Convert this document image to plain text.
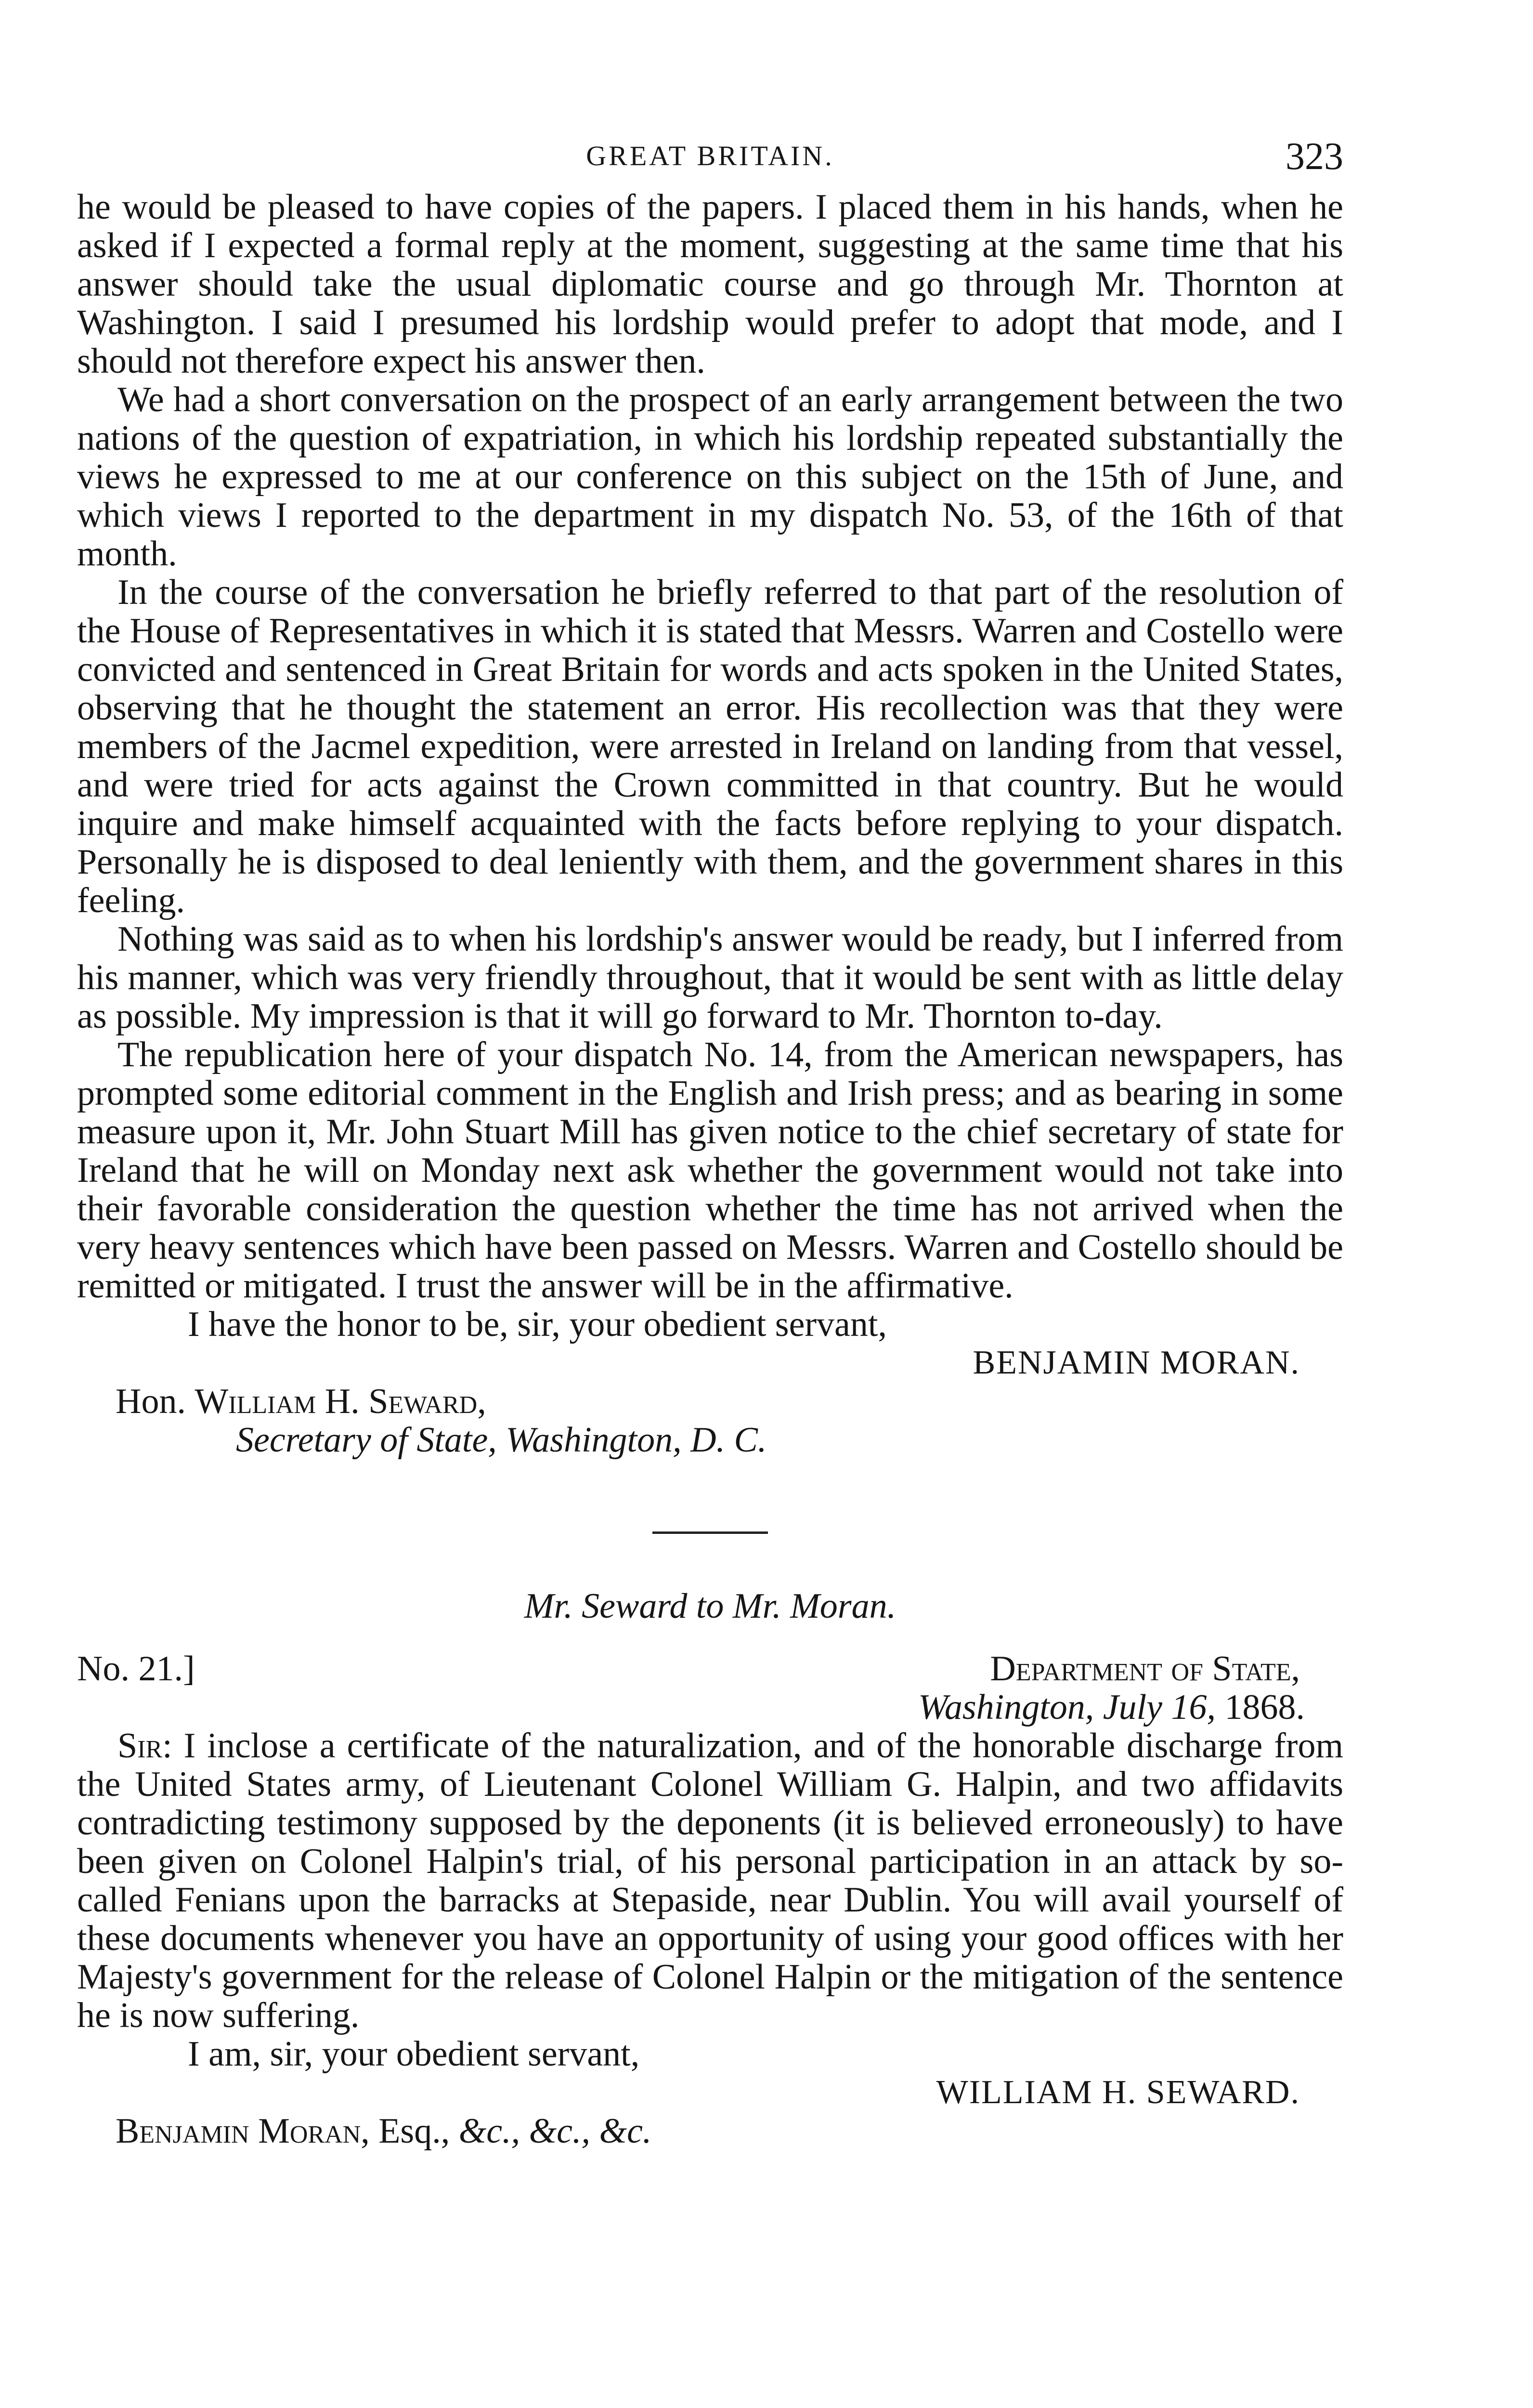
GREAT BRITAIN.	323

he would be pleased to have copies of the papers. I placed them in his hands, when he asked if I expected a formal reply at the moment, suggesting at the same time that his answer should take the usual diplomatic course and go through Mr. Thornton at Washington. I said I presumed his lordship would prefer to adopt that mode, and I should not therefore expect his answer then.

We had a short conversation on the prospect of an early arrangement between the two nations of the question of expatriation, in which his lordship repeated substantially the views he expressed to me at our conference on this subject on the 15th of June, and which views I reported to the department in my dispatch No. 53, of the 16th of that month.

In the course of the conversation he briefly referred to that part of the resolution of the House of Representatives in which it is stated that Messrs. Warren and Costello were convicted and sentenced in Great Britain for words and acts spoken in the United States, observing that he thought the statement an error. His recollection was that they were members of the Jacmel expedition, were arrested in Ireland on landing from that vessel, and were tried for acts against the Crown committed in that country. But he would inquire and make himself acquainted with the facts before replying to your dispatch. Personally he is disposed to deal leniently with them, and the government shares in this feeling.

Nothing was said as to when his lordship's answer would be ready, but I inferred from his manner, which was very friendly throughout, that it would be sent with as little delay as possible. My impression is that it will go forward to Mr. Thornton to-day.

The republication here of your dispatch No. 14, from the American newspapers, has prompted some editorial comment in the English and Irish press; and as bearing in some measure upon it, Mr. John Stuart Mill has given notice to the chief secretary of state for Ireland that he will on Monday next ask whether the government would not take into their favorable consideration the question whether the time has not arrived when the very heavy sentences which have been passed on Messrs. Warren and Costello should be remitted or mitigated. I trust the answer will be in the affirmative.

I have the honor to be, sir, your obedient servant,

BENJAMIN MORAN.
Hon. William H. Seward,
Secretary of State, Washington, D. C.
Mr. Seward to Mr. Moran.
No. 21.]	Department of State,
Washington, July 16, 1868.

Sir: I inclose a certificate of the naturalization, and of the honorable discharge from the United States army, of Lieutenant Colonel William G. Halpin, and two affidavits contradicting testimony supposed by the deponents (it is believed erroneously) to have been given on Colonel Halpin's trial, of his personal participation in an attack by so-called Fenians upon the barracks at Stepaside, near Dublin. You will avail yourself of these documents whenever you have an opportunity of using your good offices with her Majesty's government for the release of Colonel Halpin or the mitigation of the sentence he is now suffering.

I am, sir, your obedient servant,

WILLIAM H. SEWARD.
Benjamin Moran, Esq., &c., &c., &c.
